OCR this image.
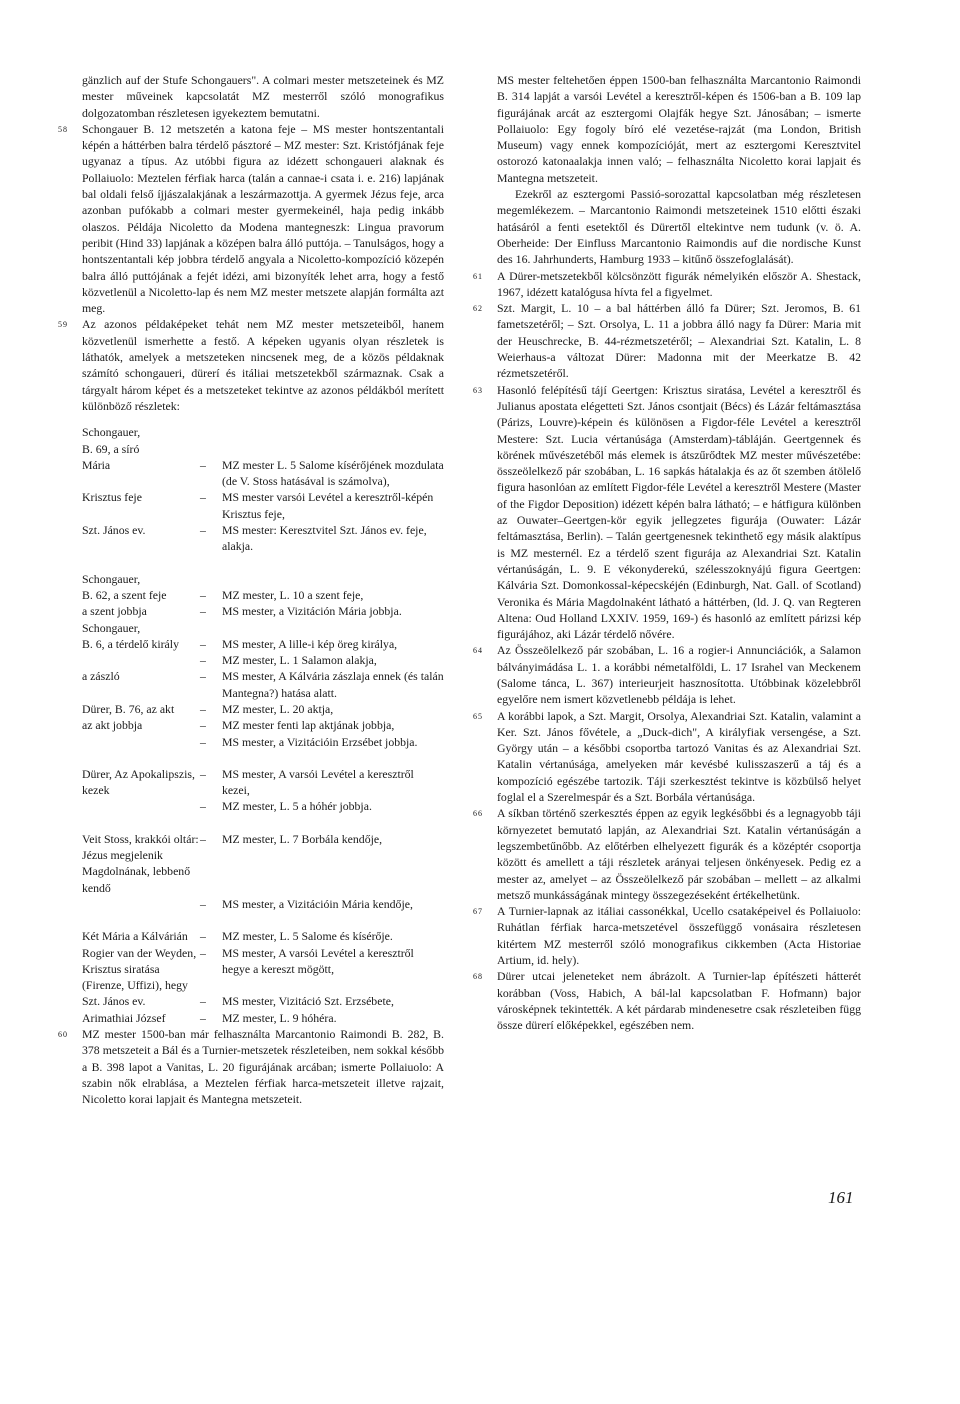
gänzlich auf der Stufe Schongauers". A colmari mester metszeteinek és MZ mester műveinek kapcsolatát MZ mesterről szóló monografikus dolgozatomban részletesen igyekeztem bemutatni.

58 Schongauer B. 12 metszetén a katona feje – MS mester hontszentantali képén a háttérben balra térdelő pásztoré – MZ mester: Szt. Kristófjának feje ugyanaz a típus. Az utóbbi figura az idézett schongaueri alaknak és Pollaiuolo: Meztelen férfiak harca (talán a cannae-i csata i. e. 216) lapjának bal oldali felső íjjászalakjának a leszármazottja. A gyermek Jézus feje, arca azonban pufókabb a colmari mester gyermekeinél, haja pedig inkább olaszos. Példája Nicoletto da Modena mantegneszk: Lingua pravorum peribit (Hind 33) lapjának a középen balra álló puttója. – Tanulságos, hogy a hontszentantali kép jobbra térdelő angyala a Nicoletto-kompozíció közepén balra álló puttójának a fejét idézi, ami bizonyíték lehet arra, hogy a festő közvetlenül a Nicoletto-lap és nem MZ mester metszete alapján formálta azt meg.

59 Az azonos példaképeket tehát nem MZ mester metszeteiből, hanem közvetlenül ismerhette a festő. A képeken ugyanis olyan részletek is láthatók, amelyek a metszeteken nincsenek meg, de a közös példaknak számító schongaueri, dürerí és itáliai metszetekből származnak. Csak a tárgyalt három képet és a metszeteket tekintve az azonos példákból merített különböző részletek:

Schongauer,
B. 69, a síró
Mária	–	MZ mester L. 5 Salome kísérőjének mozdulata (de V. Stoss hatásával is számolva),
Krisztus feje	–	MS mester varsói Levétel a keresztről-képén Krisztus feje,
Szt. János ev.	–	MS mester: Keresztvitel Szt. János ev. feje, alakja.
Schongauer,
B. 62, a szent feje	–	MZ mester, L. 10 a szent feje,
a szent jobbja	–	MS mester, a Vizitáción Mária jobbja.
Schongauer,
B. 6, a térdelő király	–	MS mester, A lille-i kép öreg királya,
–	MZ mester, L. 1 Salamon alakja,
a zászló	–	MS mester, A Kálvária zászlaja ennek (és talán Mantegna?) hatása alatt.
Dürer, B. 76, az akt	–	MZ mester, L. 20 aktja,
az akt jobbja	–	MZ mester fenti lap aktjának jobbja,
–	MS mester, a Vizitációin Erzsébet jobbja.
Dürer, Az Apokalipszis, kezek
–	MS mester, A varsói Levétel a keresztről kezei,
–	MZ mester, L. 5 a hóhér jobbja.
Veit Stoss, krakkói oltár: Jézus megjelenik Magdolnának, lebbenő kendő
–	MZ mester, L. 7 Borbála kendője,
–	MS mester, a Vizitációin Mária kendője,
Két Mária a Kálvárián	–	MZ mester, L. 5 Salome és kísérője.
Rogier van der Weyden, Krisztus siratása (Firenze, Uffizi), hegy
–	MS mester, A varsói Levétel a keresztről hegye a kereszt mögött,
Szt. János ev.	–	MS mester, Vizitáció Szt. Erzsébete,
Arimathiai József	–	MZ mester, L. 9 hóhéra.
60 MZ mester 1500-ban már felhasználta Marcantonio Raimondi B. 282, B. 378 metszeteit a Bál és a Turnier-metszetek részleteiben, nem sokkal később a B. 398 lapot a Vanitas, L. 20 figurájának arcában; ismerte Pollaiuolo: A szabin nők elrablása, a Meztelen férfiak harca-metszeteit illetve rajzait, Nicoletto korai lapjait és Mantegna metszeteit.

MS mester feltehetően éppen 1500-ban felhasználta Marcantonio Raimondi B. 314 lapját a varsói Levétel a keresztről-képen és 1506-ban a B. 109 lap figurájának arcát az esztergomi Olajfák hegye Szt. Jánosában; – ismerte Pollaiuolo: Egy fogoly bíró elé vezetése-rajzát (ma London, British Museum) vagy ennek kompozícióját, mert az esztergomi Keresztvitel ostorozó katonaalakja innen való; – felhasználta Nicoletto korai lapjait és Mantegna metszeteit.

Ezekről az esztergomi Passió-sorozattal kapcsolatban még részletesen megemlékezem. – Marcantonio Raimondi metszeteinek 1510 előtti északi hatásáról a fenti esetektől és Dürertől eltekintve nem tudunk (v. ö. A. Oberheide: Der Einfluss Marcantonio Raimondis auf die nordische Kunst des 16. Jahrhunderts, Hamburg 1933 – kitűnő összefoglalását).

61 A Dürer-metszetekből kölcsönzött figurák némelyikén először A. Shestack, 1967, idézett katalógusa hívta fel a figyelmet.

62 Szt. Margit, L. 10 – a bal háttérben álló fa Dürer; Szt. Jeromos, B. 61 fametszetéről; – Szt. Orsolya, L. 11 a jobbra álló nagy fa Dürer: Maria mit der Heuschrecke, B. 44-rézmetszetéről; – Alexandriai Szt. Katalin, L. 8 Weierhaus-a változat Dürer: Madonna mit der Meerkatze B. 42 rézmetszetéről.

63 Hasonló felépítésű tájí Geertgen: Krisztus siratása, Levétel a keresztről és Julianus apostata elégetteti Szt. János csontjait (Bécs) és Lázár feltámasztása (Párizs, Louvre)-képein és különösen a Figdor-féle Levétel a keresztről Mestere: Szt. Lucia vértanúsága (Amsterdam)-tábláján. Geertgennek és körének művészetéből más elemek is átszűrődtek MZ mester művészetébe: összeölelkező pár szobában, L. 16 sapkás hátalakja és az őt szemben átölelő figura hasonlóan az említett Figdor-féle Levétel a keresztről Mestere (Master of the Figdor Deposition) idézett képén balra látható; – e hátfigura különben az Ouwater–Geertgen-kör egyik jellegzetes figurája (Ouwater: Lázár feltámasztása, Berlin). – Talán geertgenesnek tekinthető egy másik alaktípus is MZ mesternél. Ez a térdelő szent figurája az Alexandriai Szt. Katalin vértanúságán, L. 9. E vékonyderekú, szélesszoknyájú figura Geertgen: Kálvária Szt. Domonkossal-képecskéjén (Edinburgh, Nat. Gall. of Scotland) Veronika és Mária Magdolnaként látható a háttérben, (ld. J. Q. van Regteren Altena: Oud Holland LXXIV. 1959, 169-) és hasonló az említett párizsi kép figurájához, aki Lázár térdelő nővére.

64 Az Összeölelkező pár szobában, L. 16 a rogier-i Annunciációk, a Salamon bálványimádása L. 1. a korábbi németalföldi, L. 17 Israhel van Meckenem (Salome tánca, L. 367) interieurjeit hasznosította. Utóbbinak közelebbről egyelőre nem ismert közvetlenebb példája is lehet.

65 A korábbi lapok, a Szt. Margit, Orsolya, Alexandriai Szt. Katalin, valamint a Ker. Szt. János fővétele, a „Duck-dich", A királyfiak versengése, a Szt. György után – a későbbi csoportba tartozó Vanitas és az Alexandriai Szt. Katalin vértanúsága, amelyeken már kevésbé kulisszaszerű a táj és a kompozíció egészébe tartozik. Táji szerkesztést tekintve is közbülső helyet foglal el a Szerelmespár és a Szt. Borbála vértanúsága.

66 A síkban történő szerkesztés éppen az egyik legkésőbbi és a legnagyobb táji környezetet bemutató lapján, az Alexandriai Szt. Katalin vértanúságán a legszembetűnőbb. Az előtérben elhelyezett figurák és a középtér csoportja között és amellett a táji részletek arányai teljesen önkényesek. Pedig ez a mester az, amelyet – az Összeölelkező pár szobában – mellett – az alkalmi metsző munkásságának mintegy összegezéseként értékelhetünk.

67 A Turnier-lapnak az itáliai cassonékkal, Ucello csataképeivel és Pollaiuolo: Ruhátlan férfiak harca-metszetével összefüggő vonásaira részletesen kitértem MZ mesterről szóló monografikus cikkemben (Acta Historiae Artium, id. hely).

68 Dürer utcai jeleneteket nem ábrázolt. A Turnier-lap építészeti hátterét korábban (Voss, Habich, A bál-lal kapcsolatban F. Hofmann) bajor városképnek tekintették. A két párdarab mindenesetre csak részleteiben függ össze dürerí előképekkel, egészében nem.

161
